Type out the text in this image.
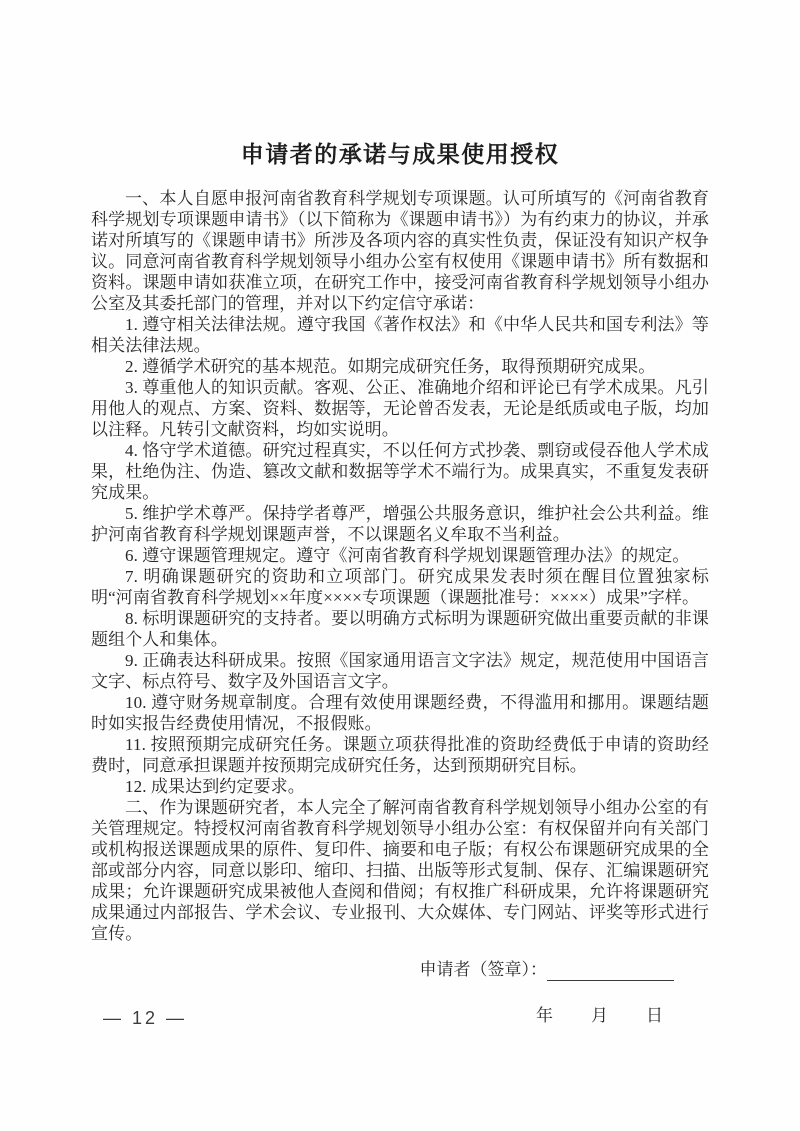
申请者的承诺与成果使用授权

一、本人自愿申报河南省教育科学规划专项课题。认可所填写的《河南省教育科学规划专项课题申请书》（以下简称为《课题申请书》）为有约束力的协议，并承诺对所填写的《课题申请书》所涉及各项内容的真实性负责，保证没有知识产权争议。同意河南省教育科学规划领导小组办公室有权使用《课题申请书》所有数据和资料。课题申请如获准立项，在研究工作中，接受河南省教育科学规划领导小组办公室及其委托部门的管理，并对以下约定信守承诺：

1. 遵守相关法律法规。遵守我国《著作权法》和《中华人民共和国专利法》等相关法律法规。

2. 遵循学术研究的基本规范。如期完成研究任务，取得预期研究成果。

3. 尊重他人的知识贡献。客观、公正、准确地介绍和评论已有学术成果。凡引用他人的观点、方案、资料、数据等，无论曾否发表，无论是纸质或电子版，均加以注释。凡转引文献资料，均如实说明。

4. 恪守学术道德。研究过程真实，不以任何方式抄袭、剽窃或侵吞他人学术成果，杜绝伪注、伪造、篡改文献和数据等学术不端行为。成果真实，不重复发表研究成果。

5. 维护学术尊严。保持学者尊严，增强公共服务意识，维护社会公共利益。维护河南省教育科学规划课题声誉，不以课题名义牟取不当利益。

6. 遵守课题管理规定。遵守《河南省教育科学规划课题管理办法》的规定。

7. 明确课题研究的资助和立项部门。研究成果发表时须在醒目位置独家标明“河南省教育科学规划××年度××××专项课题（课题批准号：××××）成果”字样。

8. 标明课题研究的支持者。要以明确方式标明为课题研究做出重要贡献的非课题组个人和集体。

9. 正确表达科研成果。按照《国家通用语言文字法》规定，规范使用中国语言文字、标点符号、数字及外国语言文字。

10. 遵守财务规章制度。合理有效使用课题经费，不得滥用和挪用。课题结题时如实报告经费使用情况，不报假账。

11. 按照预期完成研究任务。课题立项获得批准的资助经费低于申请的资助经费时，同意承担课题并按预期完成研究任务，达到预期研究目标。

12. 成果达到约定要求。

二、作为课题研究者，本人完全了解河南省教育科学规划领导小组办公室的有关管理规定。特授权河南省教育科学规划领导小组办公室：有权保留并向有关部门或机构报送课题成果的原件、复印件、摘要和电子版；有权公布课题研究成果的全部或部分内容，同意以影印、缩印、扫描、出版等形式复制、保存、汇编课题研究成果；允许课题研究成果被他人查阅和借阅；有权推广科研成果，允许将课题研究成果通过内部报告、学术会议、专业报刊、大众媒体、专门网站、评奖等形式进行宣传。

申请者（签章）：
年 月 日
— 12 —
